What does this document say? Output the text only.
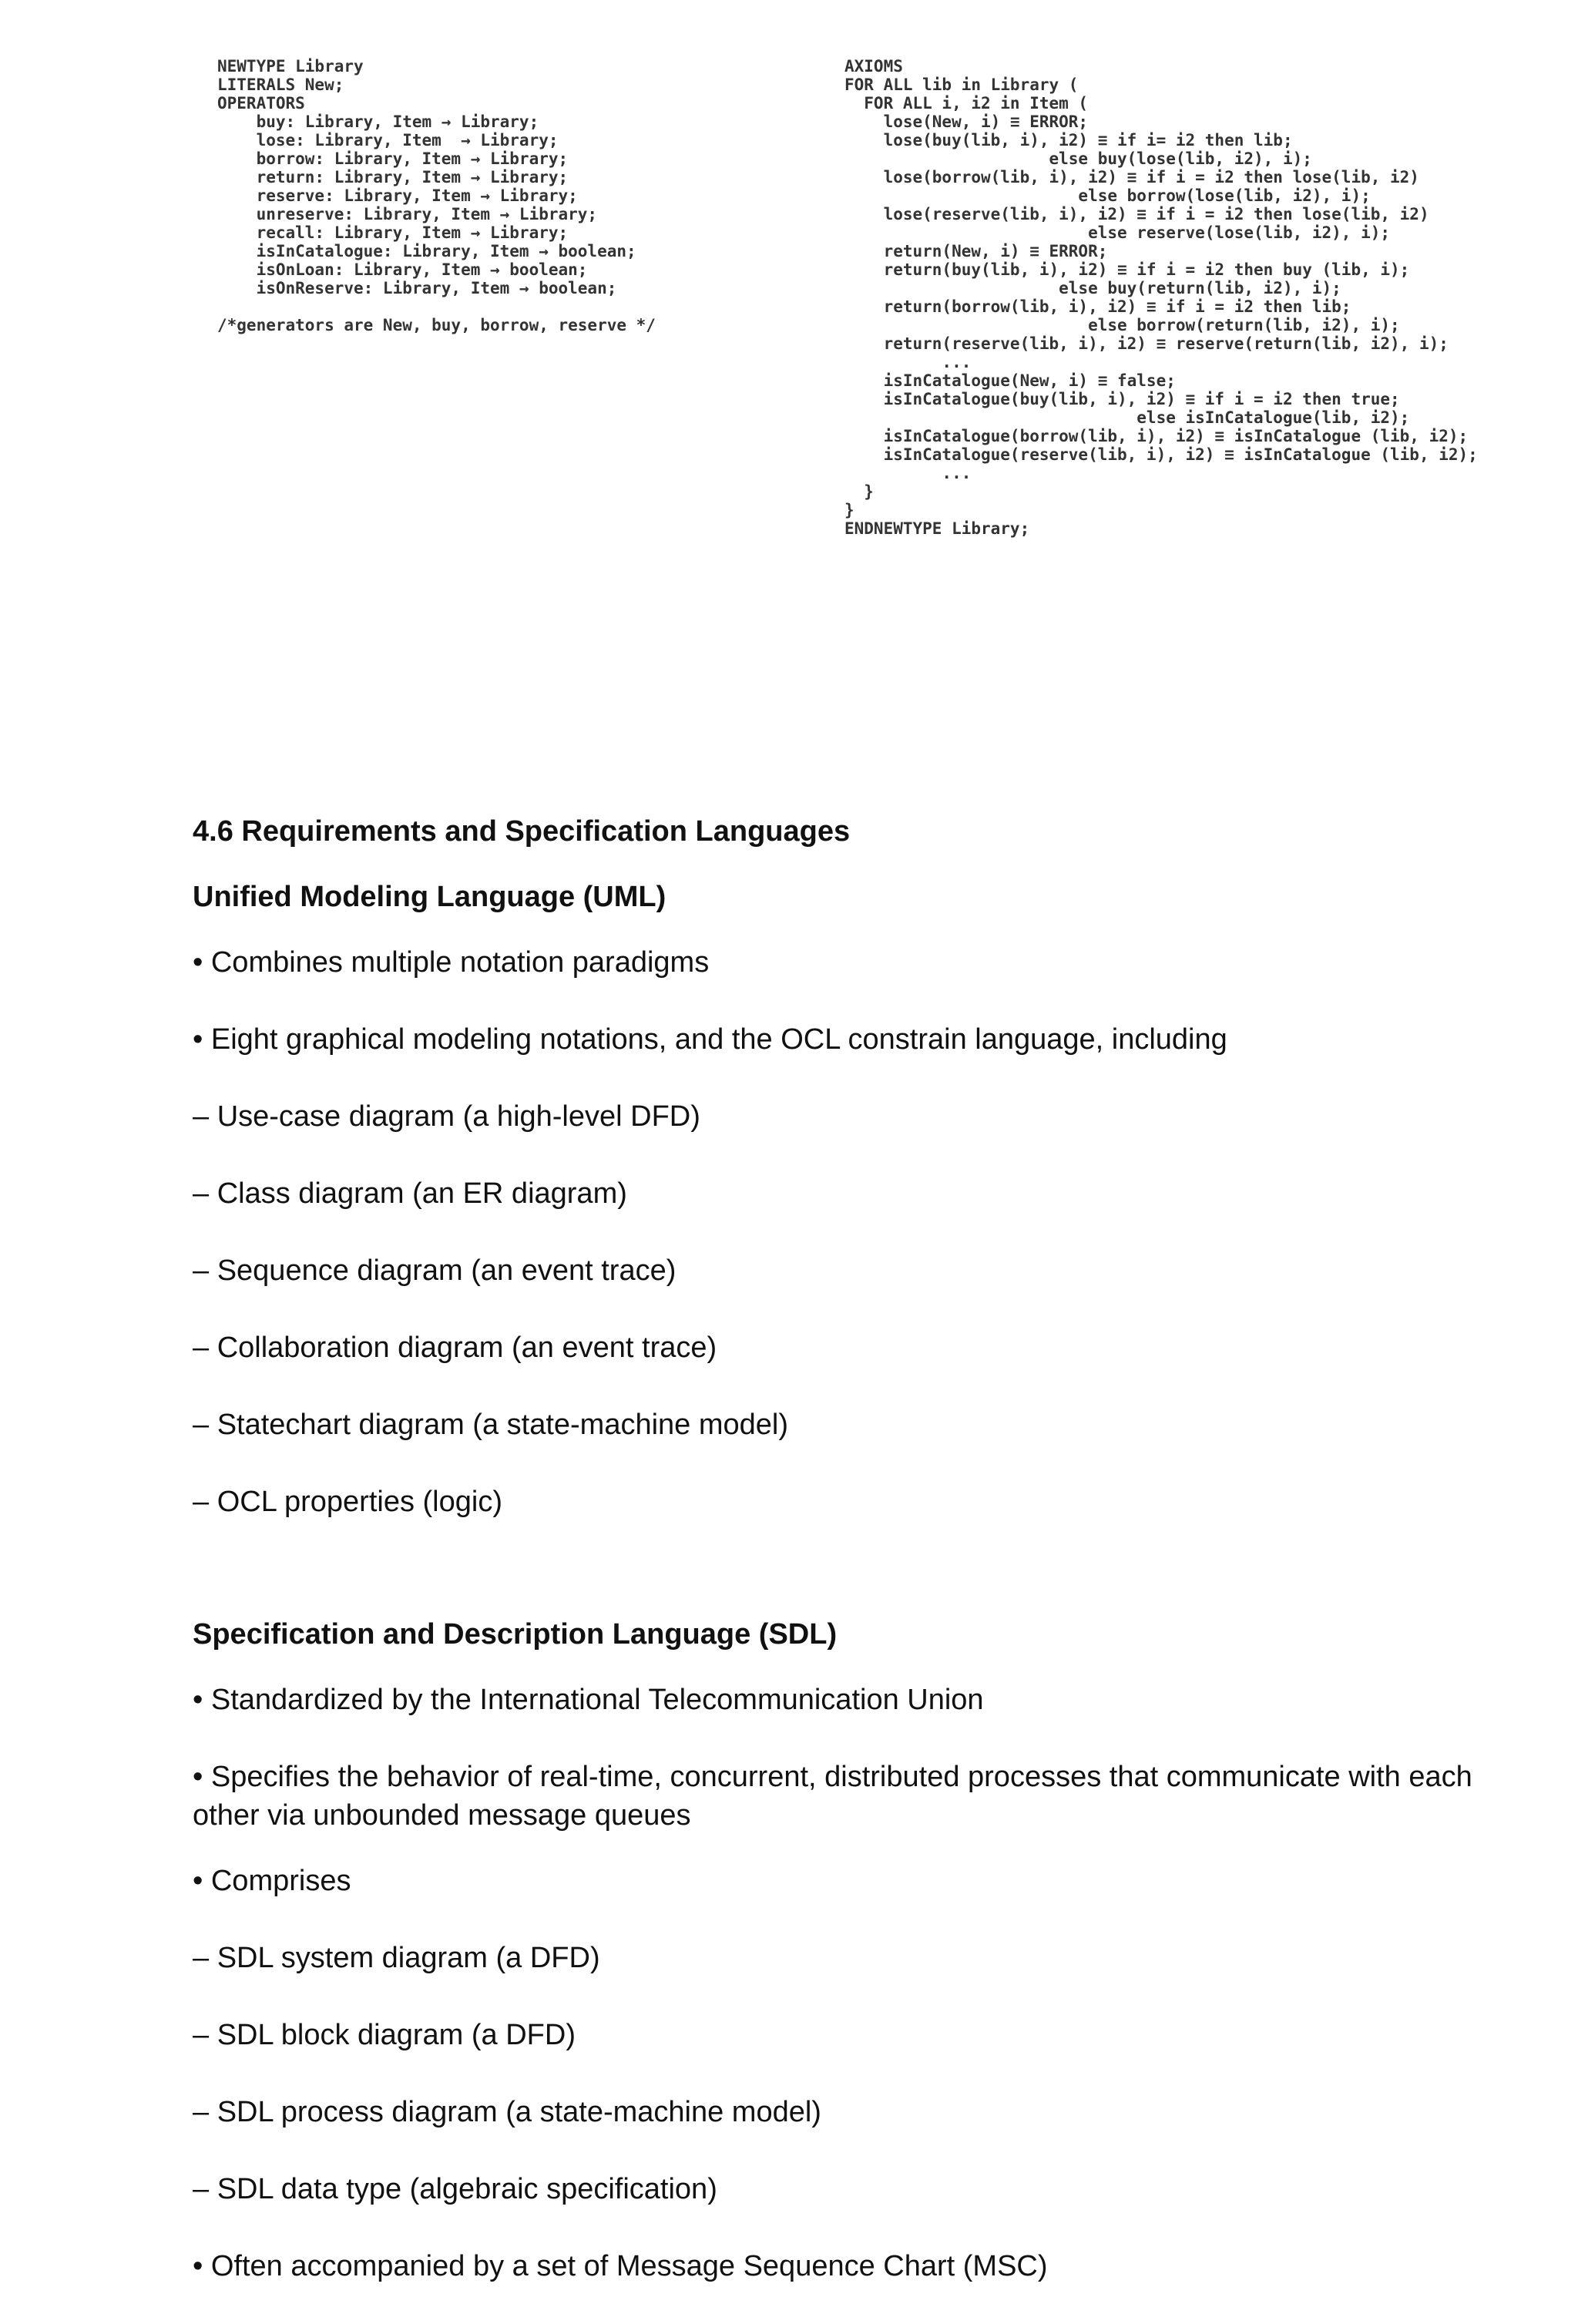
NEWTYPE Library
LITERALS New;
OPERATORS
buy: Library, Item → Library;
lose: Library, Item  → Library;
borrow: Library, Item → Library;
return: Library, Item → Library;
reserve: Library, Item → Library;
unreserve: Library, Item → Library;
recall: Library, Item → Library;
isInCatalogue: Library, Item → boolean;
isOnLoan: Library, Item → boolean;
isOnReserve: Library, Item → boolean;

/*generators are New, buy, borrow, reserve */
AXIOMS
FOR ALL lib in Library (
FOR ALL i, i2 in Item (
lose(New, i) ≡ ERROR;
lose(buy(lib, i), i2) ≡ if i= i2 then lib;
else buy(lose(lib, i2), i);
lose(borrow(lib, i), i2) ≡ if i = i2 then lose(lib, i2)
else borrow(lose(lib, i2), i);
lose(reserve(lib, i), i2) ≡ if i = i2 then lose(lib, i2)
else reserve(lose(lib, i2), i);
return(New, i) ≡ ERROR;
return(buy(lib, i), i2) ≡ if i = i2 then buy (lib, i);
else buy(return(lib, i2), i);
return(borrow(lib, i), i2) ≡ if i = i2 then lib;
else borrow(return(lib, i2), i);
return(reserve(lib, i), i2) ≡ reserve(return(lib, i2), i);
...
isInCatalogue(New, i) ≡ false;
isInCatalogue(buy(lib, i), i2) ≡ if i = i2 then true;
else isInCatalogue(lib, i2);
isInCatalogue(borrow(lib, i), i2) ≡ isInCatalogue (lib, i2);
isInCatalogue(reserve(lib, i), i2) ≡ isInCatalogue (lib, i2);
...
}
}
ENDNEWTYPE Library;
4.6 Requirements and Specification Languages
Unified Modeling Language (UML)

• Combines multiple notation paradigms

• Eight graphical modeling notations, and the OCL constrain language, including

– Use-case diagram (a high-level DFD)

– Class diagram (an ER diagram)

– Sequence diagram (an event trace)

– Collaboration diagram (an event trace)

– Statechart diagram (a state-machine model)

– OCL properties (logic)

Specification and Description Language (SDL)

• Standardized by the International Telecommunication Union

• Specifies the behavior of real-time, concurrent, distributed processes that communicate with each other via unbounded message queues

• Comprises

– SDL system diagram (a DFD)

– SDL block diagram (a DFD)

– SDL process diagram (a state-machine model)

– SDL data type (algebraic specification)

• Often accompanied by a set of Message Sequence Chart (MSC)
